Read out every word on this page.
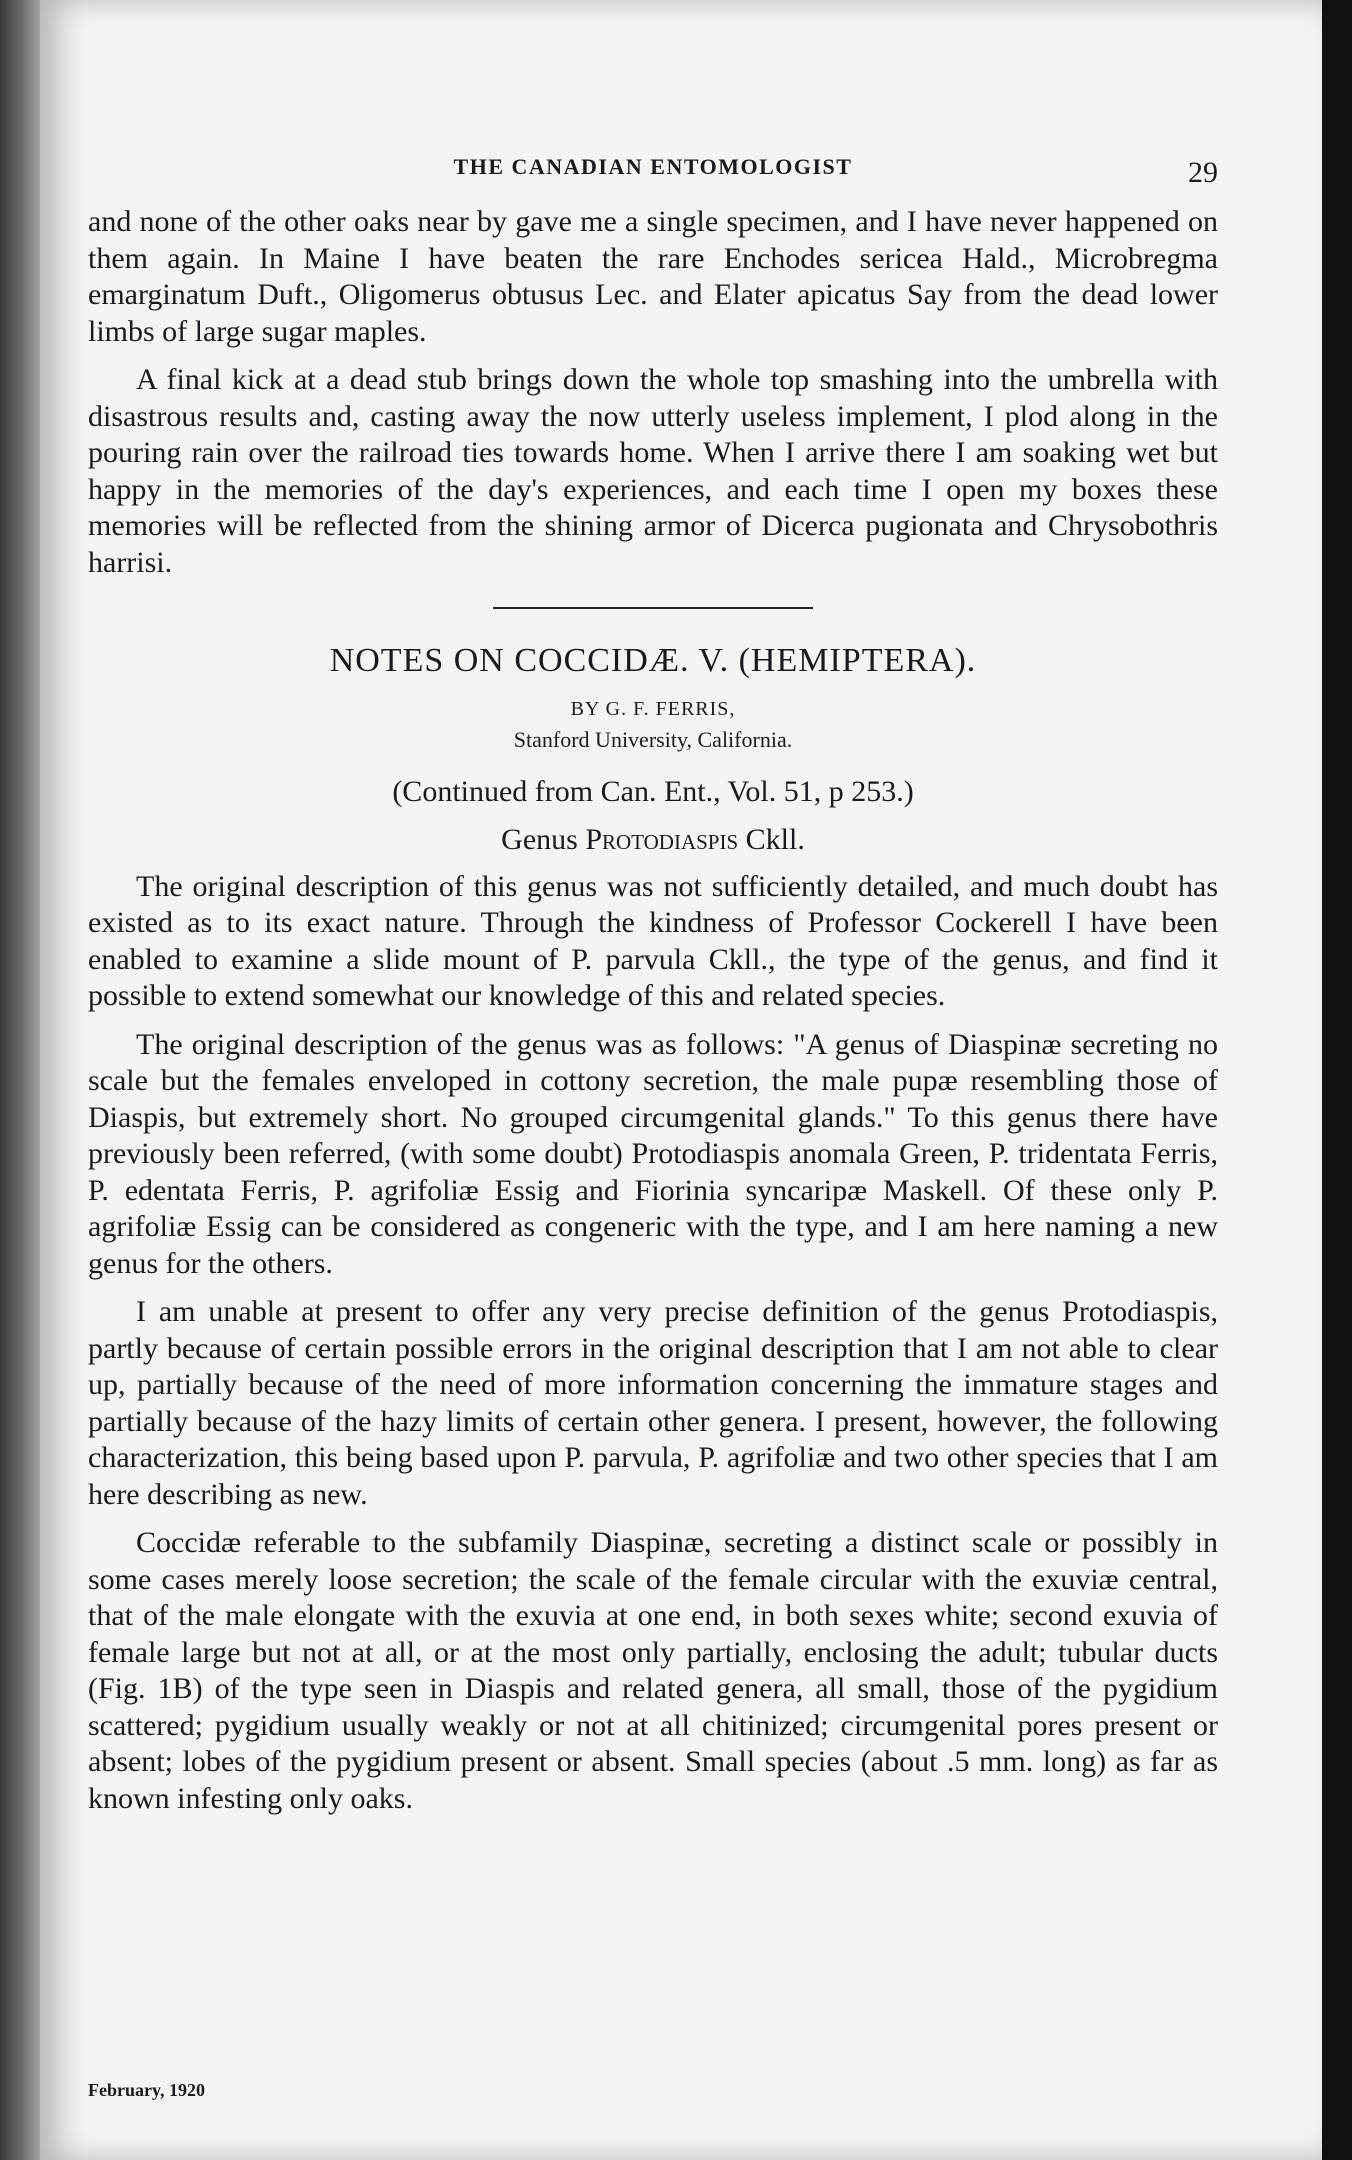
THE CANADIAN ENTOMOLOGIST	29

and none of the other oaks near by gave me a single specimen, and I have never happened on them again. In Maine I have beaten the rare Enchodes sericea Hald., Microbregma emarginatum Duft., Oligomerus obtusus Lec. and Elater apicatus Say from the dead lower limbs of large sugar maples.

A final kick at a dead stub brings down the whole top smashing into the umbrella with disastrous results and, casting away the now utterly useless implement, I plod along in the pouring rain over the railroad ties towards home. When I arrive there I am soaking wet but happy in the memories of the day's experiences, and each time I open my boxes these memories will be reflected from the shining armor of Dicerca pugionata and Chrysobothris harrisi.

NOTES ON COCCIDÆ. V. (HEMIPTERA).
BY G. F. FERRIS,
Stanford University, California.
(Continued from Can. Ent., Vol. 51, p 253.)
Genus Protodiaspis Ckll.

The original description of this genus was not sufficiently detailed, and much doubt has existed as to its exact nature. Through the kindness of Professor Cockerell I have been enabled to examine a slide mount of P. parvula Ckll., the type of the genus, and find it possible to extend somewhat our knowledge of this and related species.

The original description of the genus was as follows: "A genus of Diaspinæ secreting no scale but the females enveloped in cottony secretion, the male pupæ resembling those of Diaspis, but extremely short. No grouped circumgenital glands." To this genus there have previously been referred, (with some doubt) Protodiaspis anomala Green, P. tridentata Ferris, P. edentata Ferris, P. agrifoliæ Essig and Fiorinia syncaripæ Maskell. Of these only P. agrifoliæ Essig can be considered as congeneric with the type, and I am here naming a new genus for the others.

I am unable at present to offer any very precise definition of the genus Protodiaspis, partly because of certain possible errors in the original description that I am not able to clear up, partially because of the need of more information concerning the immature stages and partially because of the hazy limits of certain other genera. I present, however, the following characterization, this being based upon P. parvula, P. agrifoliæ and two other species that I am here describing as new.

Coccidæ referable to the subfamily Diaspinæ, secreting a distinct scale or possibly in some cases merely loose secretion; the scale of the female circular with the exuviæ central, that of the male elongate with the exuvia at one end, in both sexes white; second exuvia of female large but not at all, or at the most only partially, enclosing the adult; tubular ducts (Fig. 1B) of the type seen in Diaspis and related genera, all small, those of the pygidium scattered; pygidium usually weakly or not at all chitinized; circumgenital pores present or absent; lobes of the pygidium present or absent. Small species (about .5 mm. long) as far as known infesting only oaks.

February, 1920
